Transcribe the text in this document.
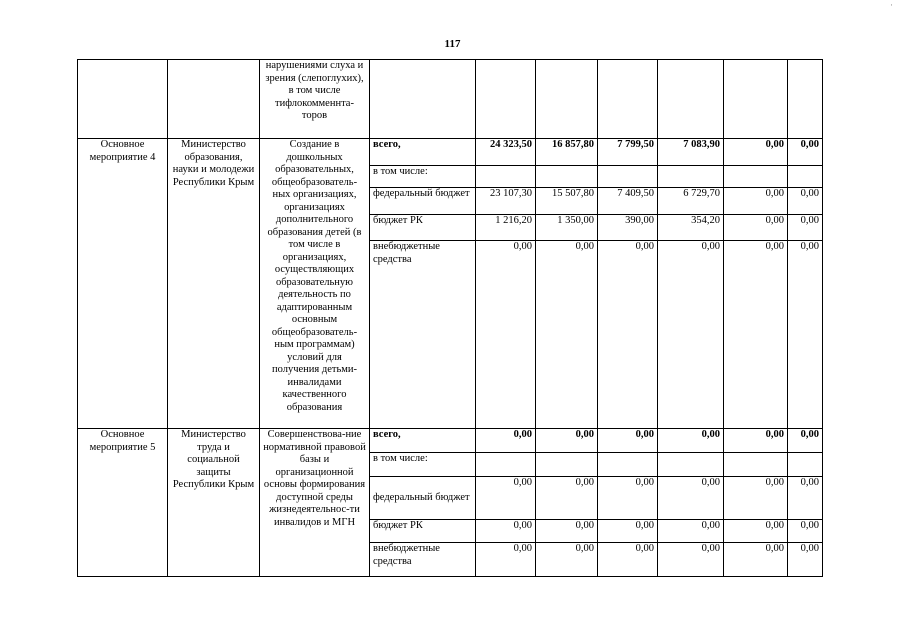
117
·
		нарушениями слуха и зрения (слепоглухих), в том числе тифлокомменнта-торов							
Основное мероприятие 4	Министерство образования, науки и молодежи Республики Крым	Создание в дошкольных образовательных, общеобразователь-ных организациях, организациях дополнительного образования детей (в том числе в организациях, осуществляющих образовательную деятельность по адаптированным основным общеобразователь-ным программам) условий для получения детьми-инвалидами качественного образования	всего,	24 323,50	16 857,80	7 799,50	7 083,90	0,00	0,00
			в том числе:						
			федеральный бюджет	23 107,30	15 507,80	7 409,50	6 729,70	0,00	0,00
			бюджет РК	1 216,20	1 350,00	390,00	354,20	0,00	0,00
			внебюджетные средства	0,00	0,00	0,00	0,00	0,00	0,00
Основное мероприятие 5	Министерство труда и социальной защиты Республики Крым	Совершенствова-ние нормативной правовой базы и организационной основы формирования доступной среды жизнедеятельнос-ти инвалидов и МГН	всего,	0,00	0,00	0,00	0,00	0,00	0,00
			в том числе:						
			федеральный бюджет	0,00	0,00	0,00	0,00	0,00	0,00
			бюджет РК	0,00	0,00	0,00	0,00	0,00	0,00
			внебюджетные средства	0,00	0,00	0,00	0,00	0,00	0,00
